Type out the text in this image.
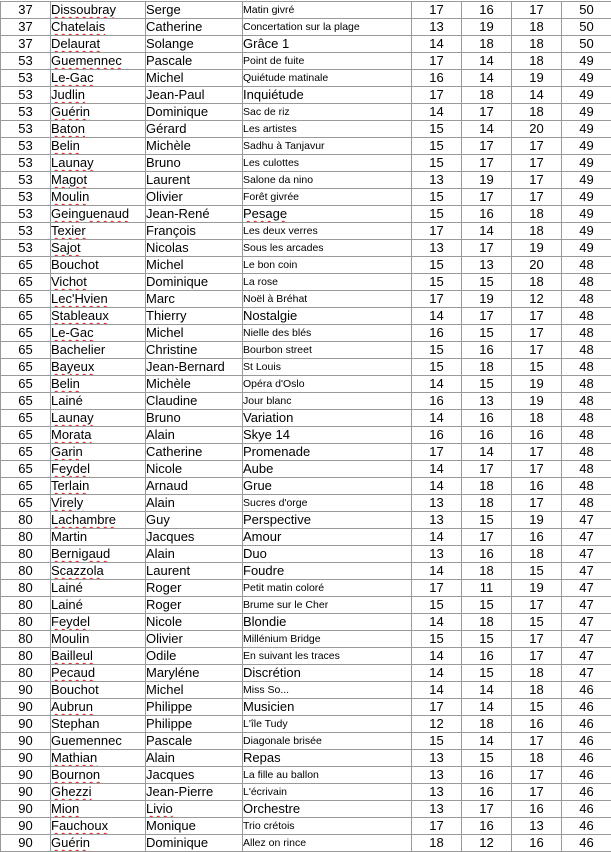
37	Dissoubray	Serge	Matin givré	17	16	17	50
37	Chatelais	Catherine	Concertation sur la plage	13	19	18	50
37	Delaurat	Solange	Grâce 1	14	18	18	50
53	Guemennec	Pascale	Point de fuite	17	14	18	49
53	Le-Gac	Michel	Quiétude matinale	16	14	19	49
53	Judlin	Jean-Paul	Inquiétude	17	18	14	49
53	Guérin	Dominique	Sac de riz	14	17	18	49
53	Baton	Gérard	Les artistes	15	14	20	49
53	Belin	Michèle	Sadhu à Tanjavur	15	17	17	49
53	Launay	Bruno	Les culottes	15	17	17	49
53	Magot	Laurent	Salone da nino	13	19	17	49
53	Moulin	Olivier	Forêt givrée	15	17	17	49
53	Geinguenaud	Jean-René	Pesage	15	16	18	49
53	Texier	François	Les deux verres	17	14	18	49
53	Sajot	Nicolas	Sous les arcades	13	17	19	49
65	Bouchot	Michel	Le bon coin	15	13	20	48
65	Vichot	Dominique	La rose	15	15	18	48
65	Lec'Hvien	Marc	Noël à Bréhat	17	19	12	48
65	Stableaux	Thierry	Nostalgie	14	17	17	48
65	Le-Gac	Michel	Nielle des blés	16	15	17	48
65	Bachelier	Christine	Bourbon street	15	16	17	48
65	Bayeux	Jean-Bernard	St Louis	15	18	15	48
65	Belin	Michèle	Opéra d'Oslo	14	15	19	48
65	Lainé	Claudine	Jour blanc	16	13	19	48
65	Launay	Bruno	Variation	14	16	18	48
65	Morata	Alain	Skye 14	16	16	16	48
65	Garin	Catherine	Promenade	17	14	17	48
65	Feydel	Nicole	Aube	14	17	17	48
65	Terlain	Arnaud	Grue	14	18	16	48
65	Virely	Alain	Sucres d'orge	13	18	17	48
80	Lachambre	Guy	Perspective	13	15	19	47
80	Martin	Jacques	Amour	14	17	16	47
80	Bernigaud	Alain	Duo	13	16	18	47
80	Scazzola	Laurent	Foudre	14	18	15	47
80	Lainé	Roger	Petit matin coloré	17	11	19	47
80	Lainé	Roger	Brume sur le Cher	15	15	17	47
80	Feydel	Nicole	Blondie	14	18	15	47
80	Moulin	Olivier	Millénium Bridge	15	15	17	47
80	Bailleul	Odile	En suivant les traces	14	16	17	47
80	Pecaud	Maryléne	Discrétion	14	15	18	47
90	Bouchot	Michel	Miss So...	14	14	18	46
90	Aubrun	Philippe	Musicien	17	14	15	46
90	Stephan	Philippe	L'île Tudy	12	18	16	46
90	Guemennec	Pascale	Diagonale brisée	15	14	17	46
90	Mathian	Alain	Repas	13	15	18	46
90	Bournon	Jacques	La fille au ballon	13	16	17	46
90	Ghezzi	Jean-Pierre	L'écrivain	13	16	17	46
90	Mion	Livio	Orchestre	13	17	16	46
90	Fauchoux	Monique	Trio crétois	17	16	13	46
90	Guérin	Dominique	Allez on rince	18	12	16	46
